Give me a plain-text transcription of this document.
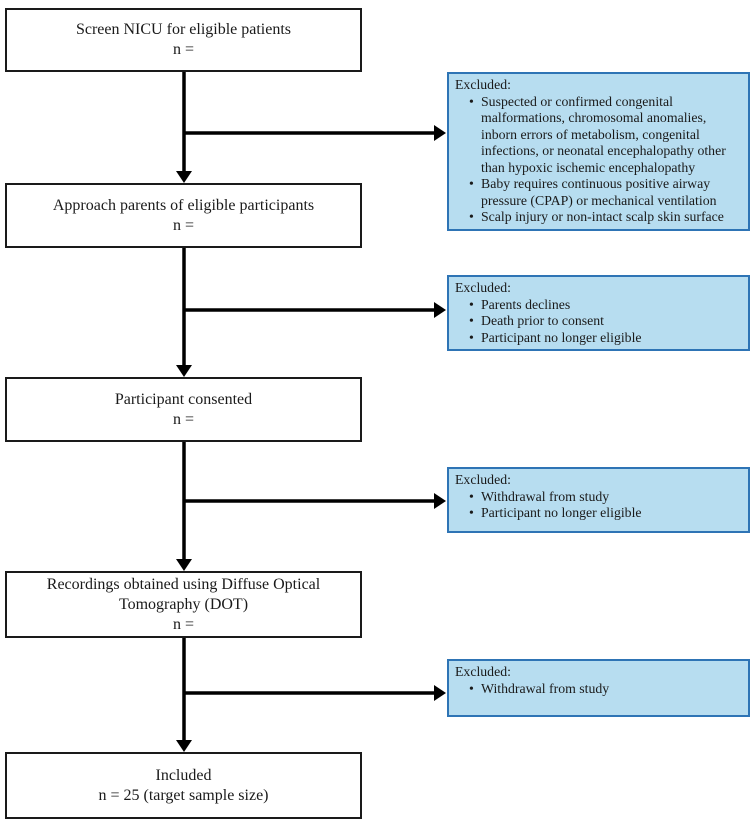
Screen NICU for eligible patients
n =
Approach parents of eligible participants
n =
Participant consented
n =
Recordings obtained using Diffuse Optical Tomography (DOT)
n =
Included
n = 25 (target sample size)
Excluded:
• Suspected or confirmed congenital malformations, chromosomal anomalies, inborn errors of metabolism, congenital infections, or neonatal encephalopathy other than hypoxic ischemic encephalopathy
• Baby requires continuous positive airway pressure (CPAP) or mechanical ventilation
• Scalp injury or non-intact scalp skin surface
Excluded:
• Parents declines
• Death prior to consent
• Participant no longer eligible
Excluded:
• Withdrawal from study
• Participant no longer eligible
Excluded:
• Withdrawal from study
